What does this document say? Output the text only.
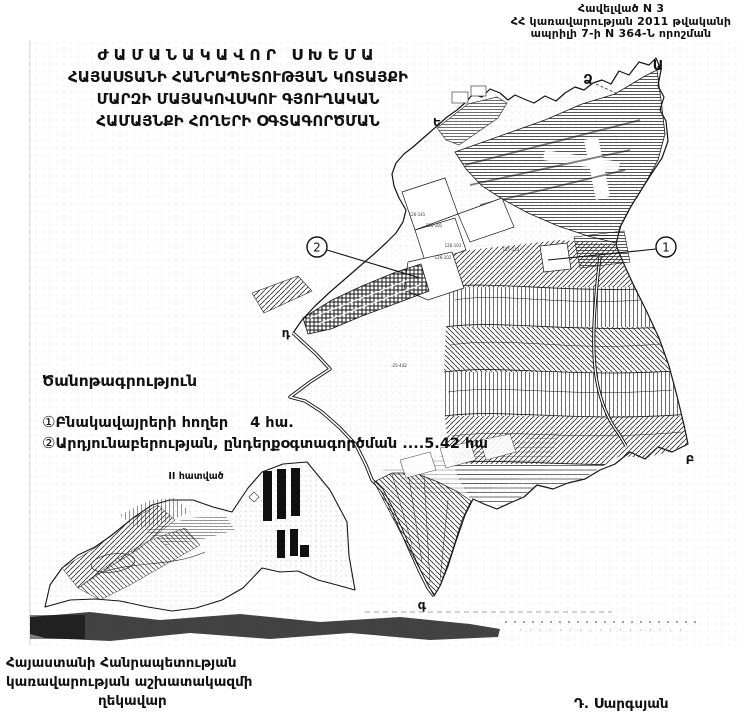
2	1
Ա
Ձ
Ե
դ
Բ
գ
II հատված
126-141
126-101
126-102
126-103
125-113
-25-442
Հավելված N 3
ՀՀ կառավարության 2011 թվականի
ապրիլի 7-ի N 364-Ն որոշման
ԺԱՄԱՆԱԿԱՎՈՐ ՍԽԵՄԱ
ՀԱՅԱՍՏԱՆԻ ՀԱՆՐԱՊԵՏՈՒԹՅԱՆ ԿՈՏԱՅՔԻ
ՄԱՐԶԻ ՄԱՅԱԿՈՎՍԿՈՒ ԳՅՈՒՂԱԿԱՆ
ՀԱՄԱՅՆՔԻ ՀՈՂԵՐԻ ՕԳՏԱԳՈՐԾՄԱՆ
Ծանոթագրություն
①Բնակավայրերի հողեր 4 հա.
②Արդյունաբերության, ընդերքօգտագործման ....5.42 հա
Հայաստանի Հանրապետության
կառավարության աշխատակազմի
ղեկավար	Դ. Սարգսյան
